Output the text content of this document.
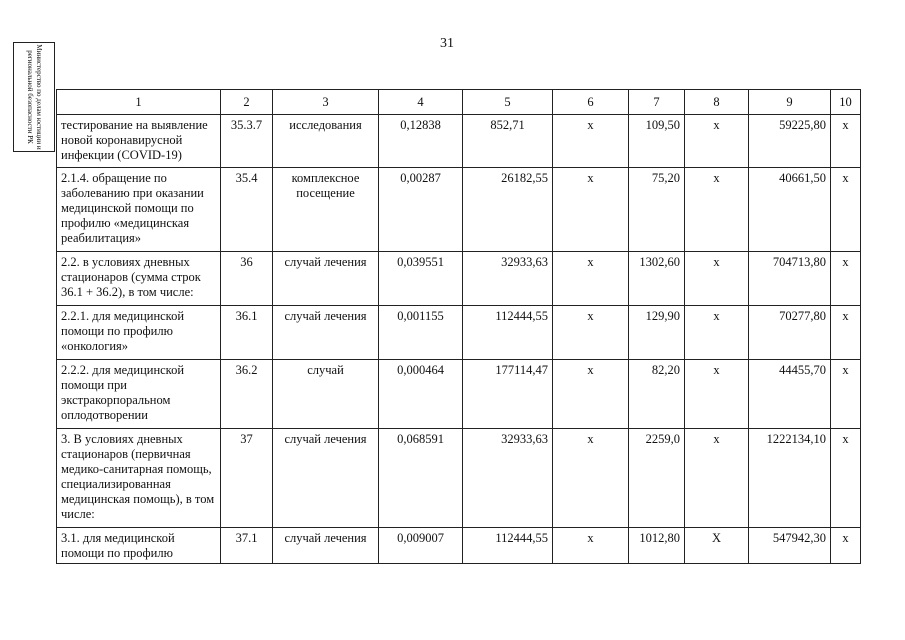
31
Министерство по делам юстиции и региональной безопасности РК	1	2	3	4	5	6	7	8	9	10
тестирование на выявление новой коронавирусной инфекции (COVID-19)	35.3.7	исследования	0,12838	852,71	х	109,50	х	59225,80	х
2.1.4. обращение по заболеванию при оказании медицинской помощи по профилю «медицинская реабилитация»	35.4	комплексное посещение	0,00287	26182,55	х	75,20	х	40661,50	х
2.2. в условиях дневных стационаров (сумма строк 36.1 + 36.2), в том числе:	36	случай лечения	0,039551	32933,63	х	1302,60	х	704713,80	х
2.2.1. для медицинской помощи по профилю «онкология»	36.1	случай лечения	0,001155	112444,55	х	129,90	х	70277,80	х
2.2.2. для медицинской помощи при экстракорпоральном оплодотворении	36.2	случай	0,000464	177114,47	х	82,20	х	44455,70	х
3. В условиях дневных стационаров (первичная медико-санитарная помощь, специализированная медицинская помощь), в том числе:	37	случай лечения	0,068591	32933,63	х	2259,0	х	1222134,10	х
3.1. для медицинской помощи по профилю	37.1	случай лечения	0,009007	112444,55	х	1012,80	Х	547942,30	х
